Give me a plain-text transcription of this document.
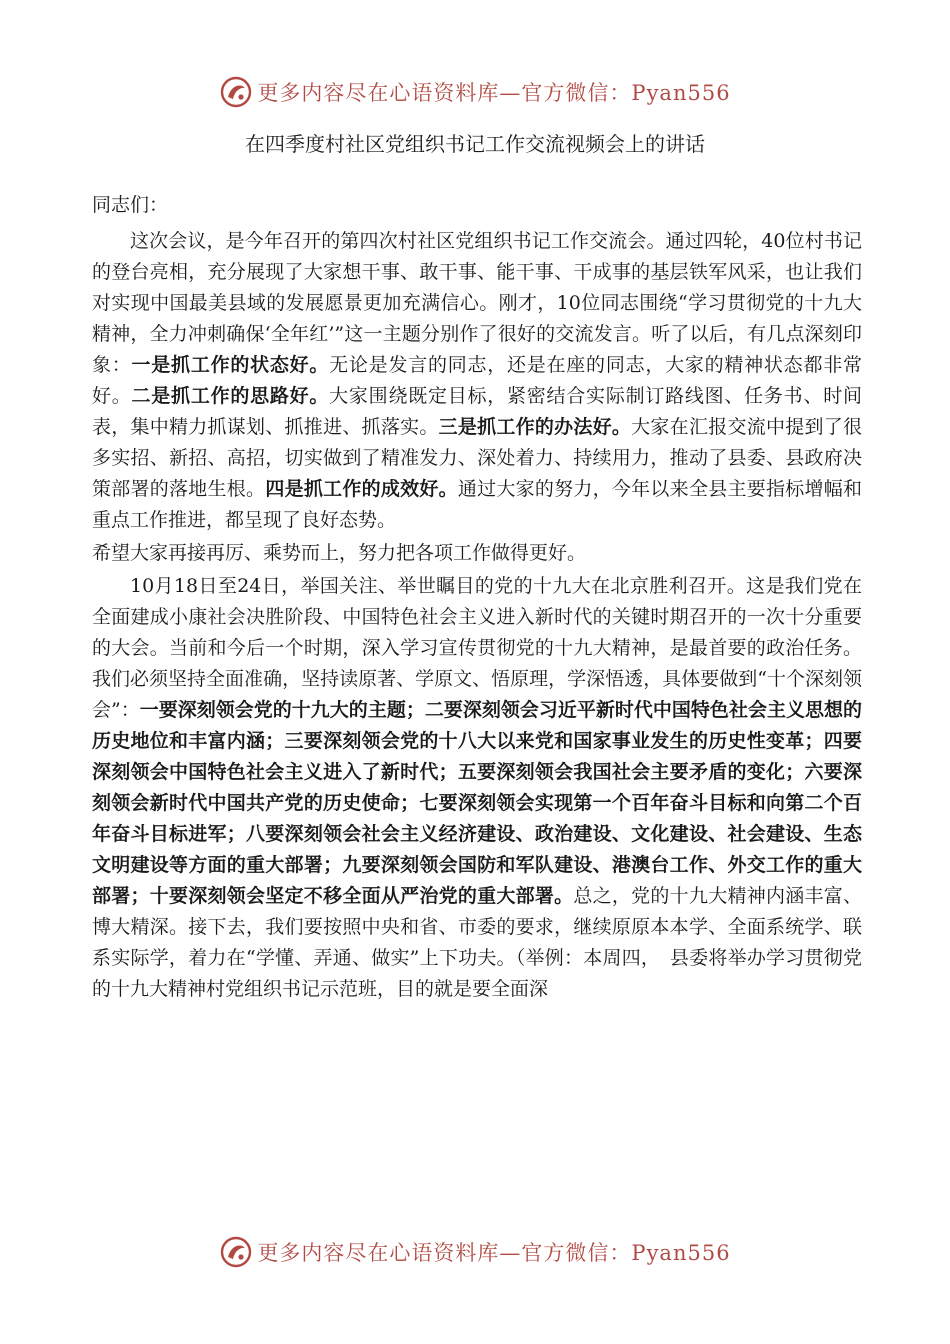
更多内容尽在心语资料库—官方微信：Pyan556
在四季度村社区党组织书记工作交流视频会上的讲话

同志们：

这次会议，是今年召开的第四次村社区党组织书记工作交流会。通过四轮，40位村书记的登台亮相，充分展现了大家想干事、敢干事、能干事、干成事的基层铁军风采，也让我们对实现中国最美县域的发展愿景更加充满信心。刚才，10位同志围绕“学习贯彻党的十九大精神，全力冲刺确保‘全年红’”这一主题分别作了很好的交流发言。听了以后，有几点深刻印象：一是抓工作的状态好。无论是发言的同志，还是在座的同志，大家的精神状态都非常好。二是抓工作的思路好。大家围绕既定目标，紧密结合实际制订路线图、任务书、时间表，集中精力抓谋划、抓推进、抓落实。三是抓工作的办法好。大家在汇报交流中提到了很多实招、新招、高招，切实做到了精准发力、深处着力、持续用力，推动了县委、县政府决策部署的落地生根。四是抓工作的成效好。通过大家的努力，今年以来全县主要指标增幅和重点工作推进，都呈现了良好态势。

希望大家再接再厉、乘势而上，努力把各项工作做得更好。

10月18日至24日，举国关注、举世瞩目的党的十九大在北京胜利召开。这是我们党在全面建成小康社会决胜阶段、中国特色社会主义进入新时代的关键时期召开的一次十分重要的大会。当前和今后一个时期，深入学习宣传贯彻党的十九大精神，是最首要的政治任务。我们必须坚持全面准确，坚持读原著、学原文、悟原理，学深悟透，具体要做到“十个深刻领会”：一要深刻领会党的十九大的主题；二要深刻领会习近平新时代中国特色社会主义思想的历史地位和丰富内涵；三要深刻领会党的十八大以来党和国家事业发生的历史性变革；四要深刻领会中国特色社会主义进入了新时代；五要深刻领会我国社会主要矛盾的变化；六要深刻领会新时代中国共产党的历史使命；七要深刻领会实现第一个百年奋斗目标和向第二个百年奋斗目标进军；八要深刻领会社会主义经济建设、政治建设、文化建设、社会建设、生态文明建设等方面的重大部署；九要深刻领会国防和军队建设、港澳台工作、外交工作的重大部署；十要深刻领会坚定不移全面从严治党的重大部署。总之，党的十九大精神内涵丰富、博大精深。接下去，我们要按照中央和省、市委的要求，继续原原本本学、全面系统学、联系实际学，着力在“学懂、弄通、做实”上下功夫。（举例：本周四，　县委将举办学习贯彻党的十九大精神村党组织书记示范班，目的就是要全面深

更多内容尽在心语资料库—官方微信：Pyan556
